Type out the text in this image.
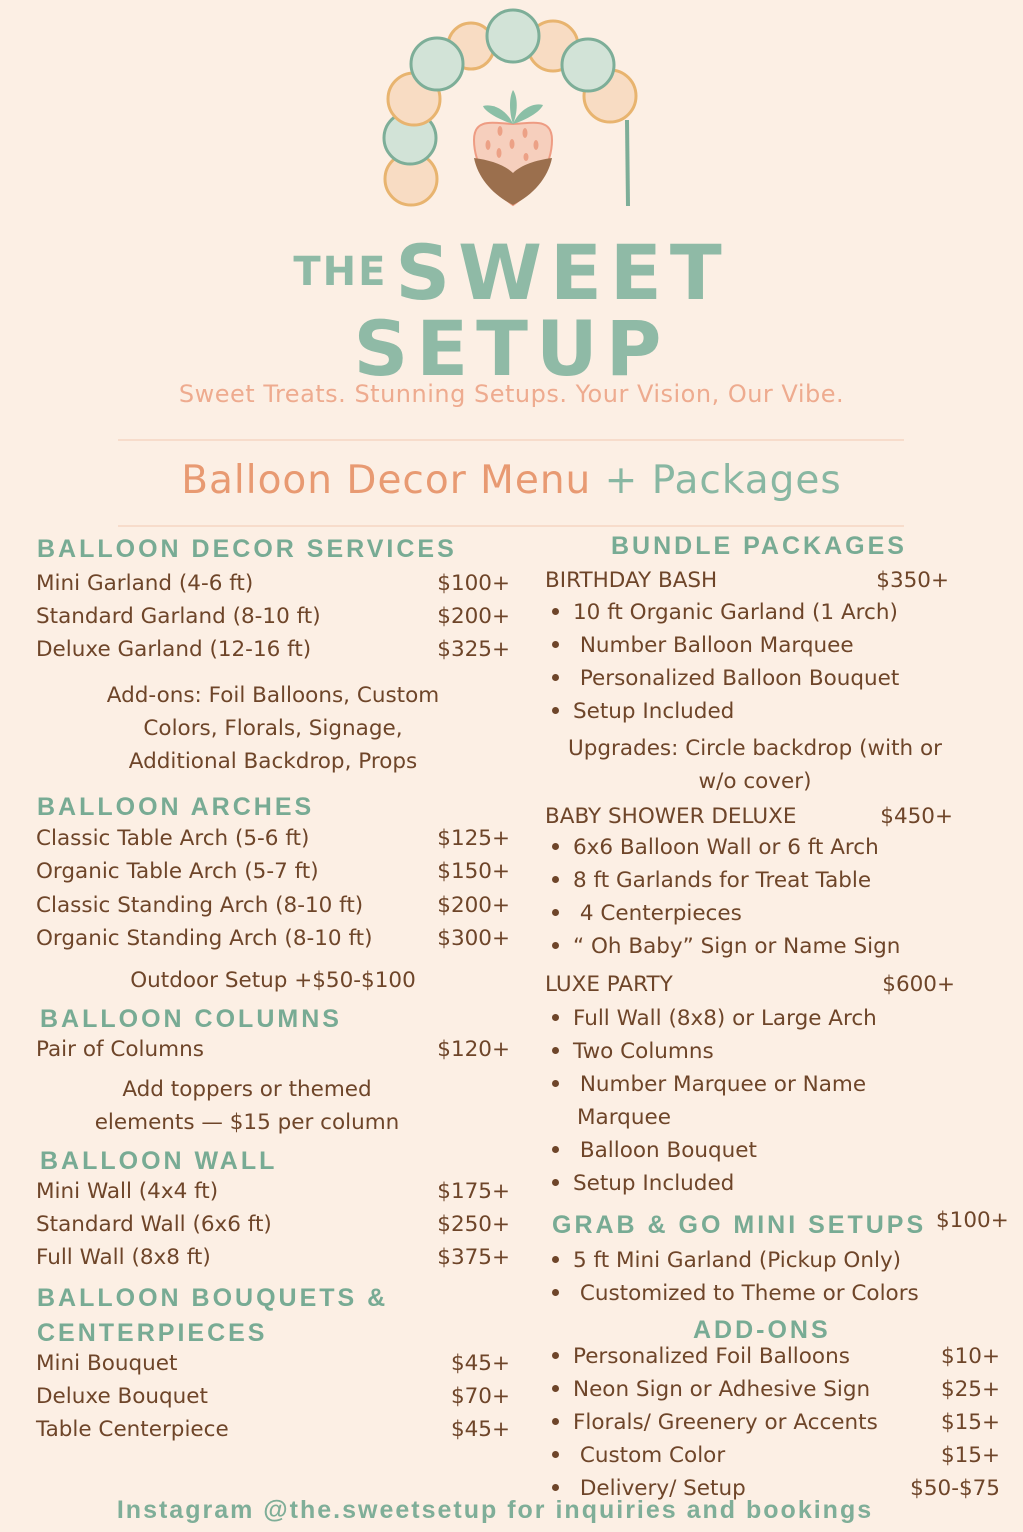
THE SWEET
SETUP
Sweet Treats. Stunning Setups. Your Vision, Our Vibe.
Balloon Decor Menu + Packages
BALLOON DECOR SERVICES
Mini Garland (4-6 ft)	$100+
Standard Garland (8-10 ft)	$200+
Deluxe Garland (12-16 ft)	$325+
Add-ons: Foil Balloons, Custom
Colors, Florals, Signage,
Additional Backdrop, Props
BALLOON ARCHES
Classic Table Arch (5-6 ft)	$125+
Organic Table Arch (5-7 ft)	$150+
Classic Standing Arch (8-10 ft)	$200+
Organic Standing Arch (8-10 ft)	$300+
Outdoor Setup +$50-$100
BALLOON COLUMNS
Pair of Columns	$120+
Add toppers or themed
elements — $15 per column
BALLOON WALL
Mini Wall (4x4 ft)	$175+
Standard Wall (6x6 ft)	$250+
Full Wall (8x8 ft)	$375+
BALLOON BOUQUETS &
CENTERPIECES
Mini Bouquet	$45+
Deluxe Bouquet	$70+
Table Centerpiece	$45+
BUNDLE PACKAGES
BIRTHDAY BASH	$350+
10 ft Organic Garland (1 Arch)
Number Balloon Marquee
Personalized Balloon Bouquet
Setup Included
Upgrades: Circle backdrop (with or
w/o cover)
BABY SHOWER DELUXE	$450+
6x6 Balloon Wall or 6 ft Arch
8 ft Garlands for Treat Table
4 Centerpieces
“ Oh Baby” Sign or Name Sign
LUXE PARTY	$600+
Full Wall (8x8) or Large Arch
Two Columns
Number Marquee or Name
Marquee
Balloon Bouquet
Setup Included
GRAB & GO MINI SETUPS $100+
5 ft Mini Garland (Pickup Only)
Customized to Theme or Colors
ADD-ONS
Personalized Foil Balloons	$10+
Neon Sign or Adhesive Sign	$25+
Florals/ Greenery or Accents	$15+
Custom Color	$15+
Delivery/ Setup	$50-$75
Instagram @the.sweetsetup for inquiries and bookings
